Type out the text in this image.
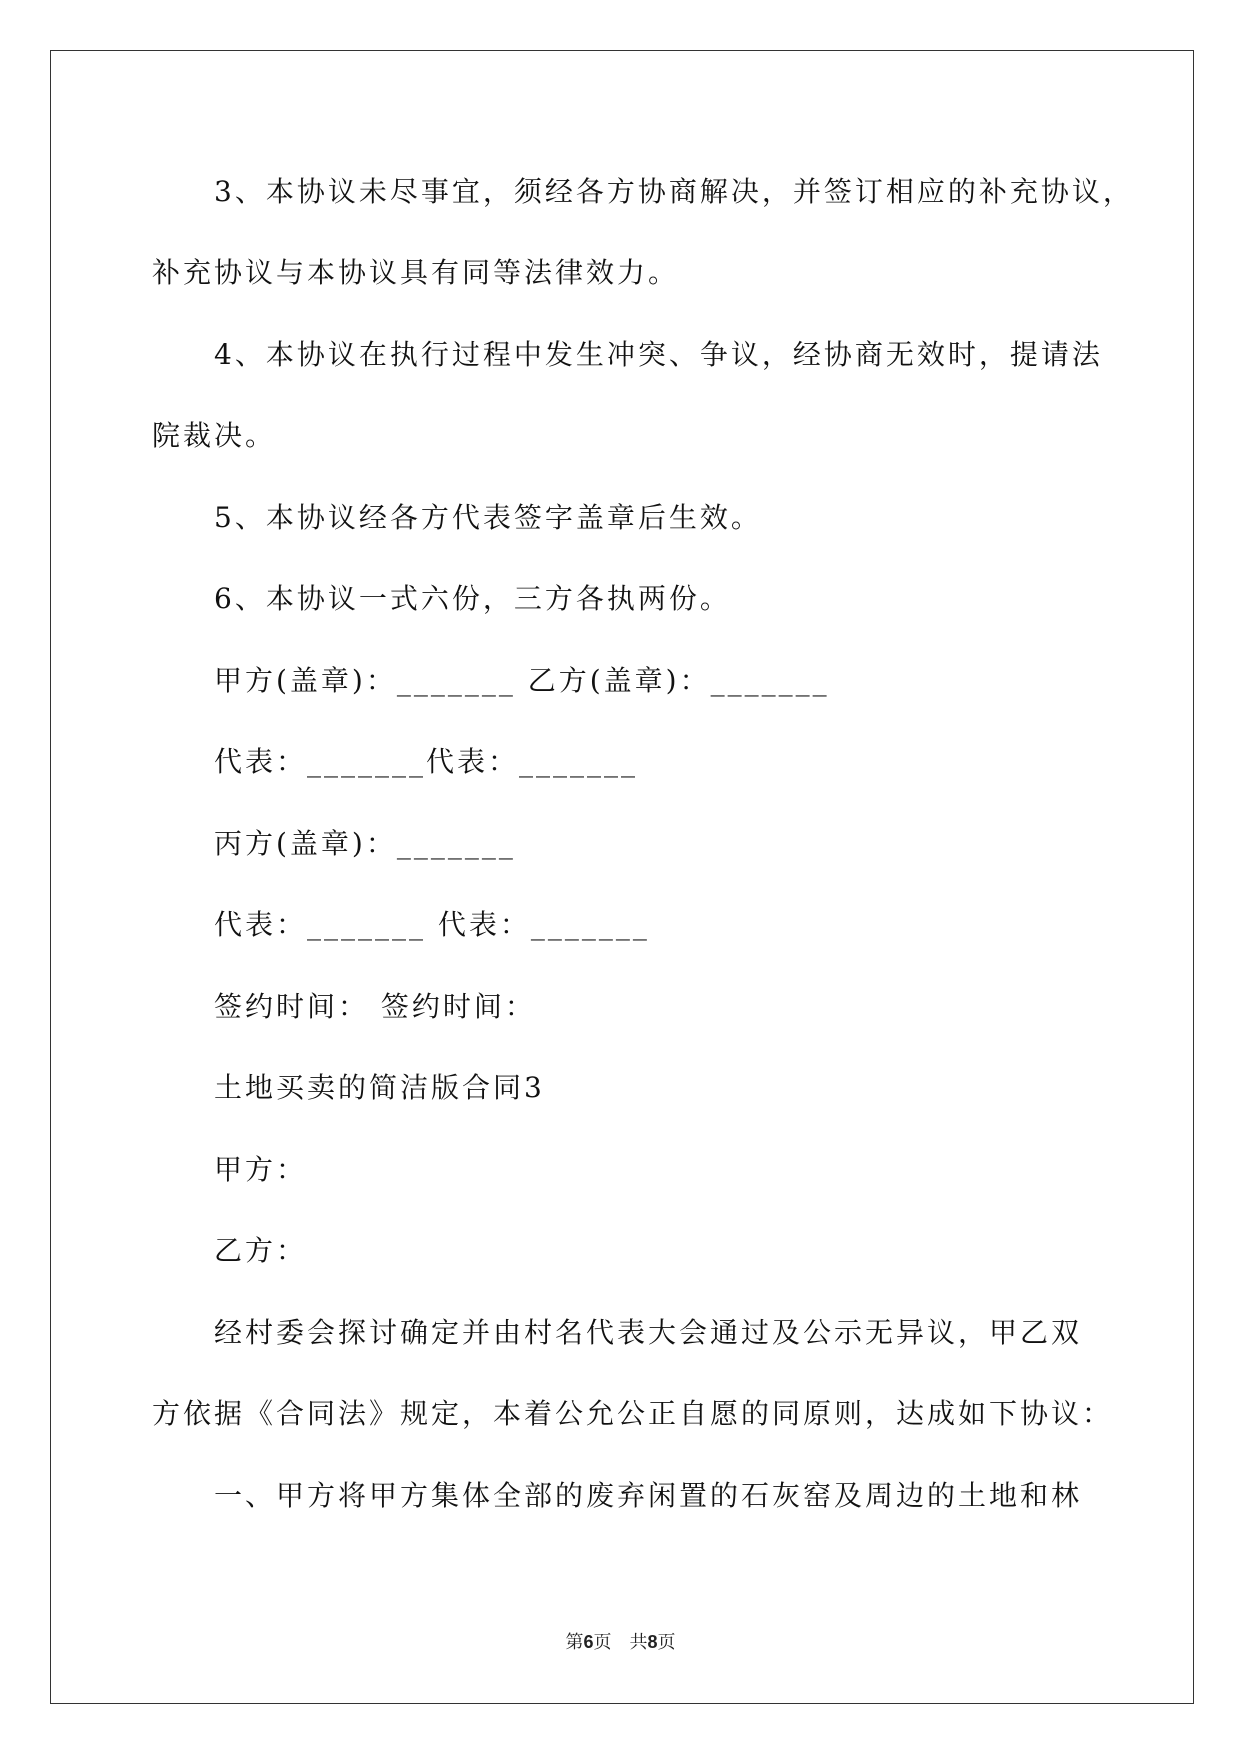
3、本协议未尽事宜，须经各方协商解决，并签订相应的补充协议，

补充协议与本协议具有同等法律效力。

4、本协议在执行过程中发生冲突、争议，经协商无效时，提请法

院裁决。

5、本协议经各方代表签字盖章后生效。

6、本协议一式六份，三方各执两份。

甲方(盖章)：_______ 乙方(盖章)：_______

代表：_______代表：_______

丙方(盖章)：_______

代表：_______ 代表：_______

签约时间： 签约时间：

土地买卖的简洁版合同3

甲方：

乙方：

经村委会探讨确定并由村名代表大会通过及公示无异议，甲乙双

方依据《合同法》规定，本着公允公正自愿的同原则，达成如下协议：

一、甲方将甲方集体全部的废弃闲置的石灰窑及周边的土地和林

第6页　共8页
